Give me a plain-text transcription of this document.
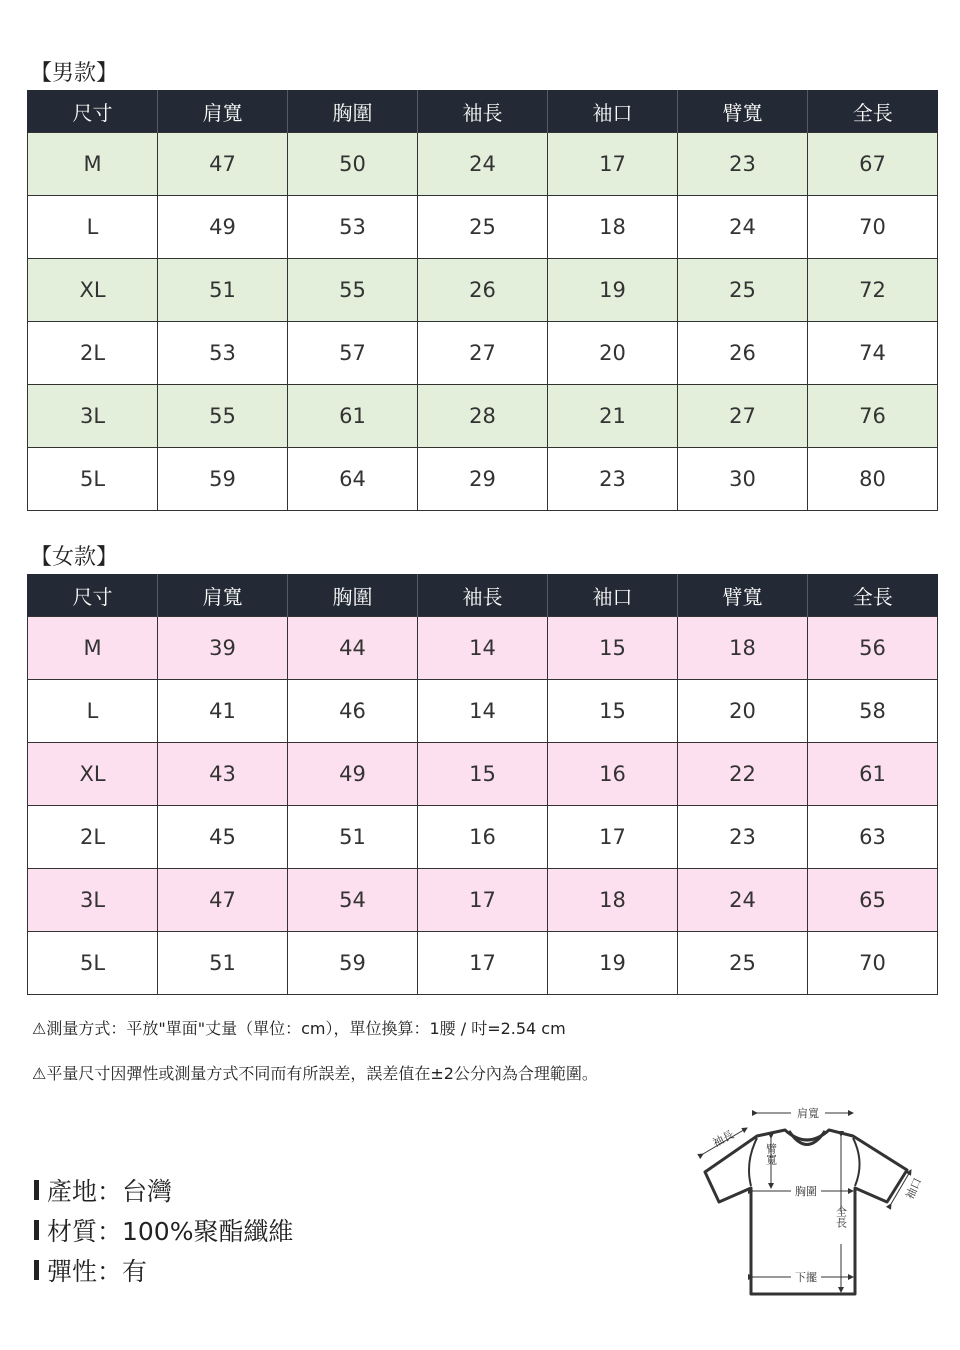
【男款】
尺寸	肩寬	胸圍	袖長	袖口	臂寬	全長
M	47	50	24	17	23	67
L	49	53	25	18	24	70
XL	51	55	26	19	25	72
2L	53	57	27	20	26	74
3L	55	61	28	21	27	76
5L	59	64	29	23	30	80
【女款】
尺寸	肩寬	胸圍	袖長	袖口	臂寬	全長
M	39	44	14	15	18	56
L	41	46	14	15	20	58
XL	43	49	15	16	22	61
2L	45	51	16	17	23	63
3L	47	54	17	18	24	65
5L	51	59	17	19	25	70
⚠測量方式：平放"單面"丈量（單位：cm），單位換算：1腰 / 吋=2.54 cm
⚠平量尺寸因彈性或測量方式不同而有所誤差，誤差值在±2公分內為合理範圍。
產地：台灣
材質：100%聚酯纖維
彈性：有
肩寬
袖長
臂寬
胸圍	袖口
全長
下擺
